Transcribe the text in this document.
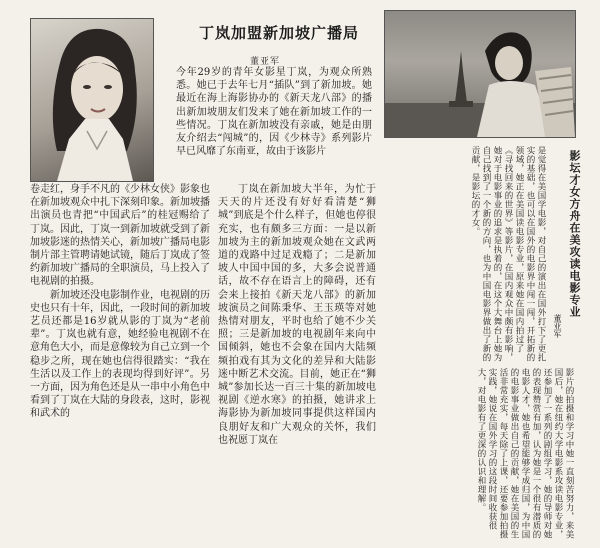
丁岚加盟新加坡广播局
董亚军

今年29岁的青年女影星丁岚，为观众所熟悉。她已于去年七月“插队”到了新加坡。她最近在海上海影协办的《新天龙八部》的播出新加坡朋友们发来了她在新加坡工作的一些情况。丁岚在新加坡没有亲戚，她是由朋友介绍去“闯城”的，因《少林寺》系列影片早已风靡了东南亚，故由于该影片

卷走红，身手不凡的《少林女侠》影象也在新加坡观众中扎下深刻印象。新加坡播出演员也青把“中国武后”的桂冠赐给了丁岚。因此，丁岚一到新加坡就受到了新加坡影迷的热情关心，新加坡广播局电影制片部主管聘请她试镜，随后丁岚成了签约新加坡广播局的全职演员，马上投入了电视剧的拍摄。

新加坡还没电影制作业，电视剧的历史也只有十年，因此，一段时间的新加坡艺员还都是16岁就从影的丁岚为“老前辈”。丁岚也就有意，她经验电视剧不在意角色大小，而是意像较为自己立到一个稳步之所，现在她也信得很踏实：“我在生活以及工作上的表现均得到好评”。另一方面，因为角色还是从一串中小角色中看到了丁岚在大陆的身段表，这时，影视和武术的

丁岚在新加坡大半年，为忙于天天的片还没有好好看清楚“狮城”到底是个什么样子，但她也停很充实，也有颇多三方面：一是以新加坡为主的新加坡观众她在文武两道的戏路中过足戏瘾了；二是新加坡人中国中国的多，大多会说普通话，故不存在语言上的障碍，还有会来上接拍《新天龙八部》的新加坡演员之间陈秉华、王玉瑛等对她热情对朋友，平时也给了她不少关照；三是新加坡的电视剧年来向中国倾斜，她也不会象在国内大陆频频拍戏有其为文化的差异和大陆影迷中断艺术交流。目前，她正在“狮城”参加长达一百三十集的新加坡电视剧《逆水寒》的拍摄，她讲求上海影协为新加坡同事提供这样国内良朋好友和广大观众的关怀，我们也祝愿丁岚在

影坛才女方舟在美攻读电影专业
董亚军
是觉得在美国学电影，对自己的演出在国外打下了更扎实的基础，也可以在国外的电影界中闯一闯，开拓新的领域，她正在美国读电影专业，原来她在国内拍过了《寻找回来的世界》等影片，在国内观众中颇有影响，她对于电影事业的追求是执着的，在这个大舞台上她为自己找到了一个新的方向，也为中国电影界做出了新的贡献，是影坛的才女。
影片的拍摄和学习中她一直刻苦努力，来美国后，她在纽约大学电影系攻读电影专业，还参加了一系列的剧组学习，她的导师对她的表现赞赏有加，认为她是一个很有潜质的电影人才，她也希望能够学成归国，为中国的电影事业做出自己的贡献，她在美国的生活非常充实，每天除了上课，还要参加拍摄实践，她说在国外学习的这段时间收获很大，对电影有了更深的认识和理解。
